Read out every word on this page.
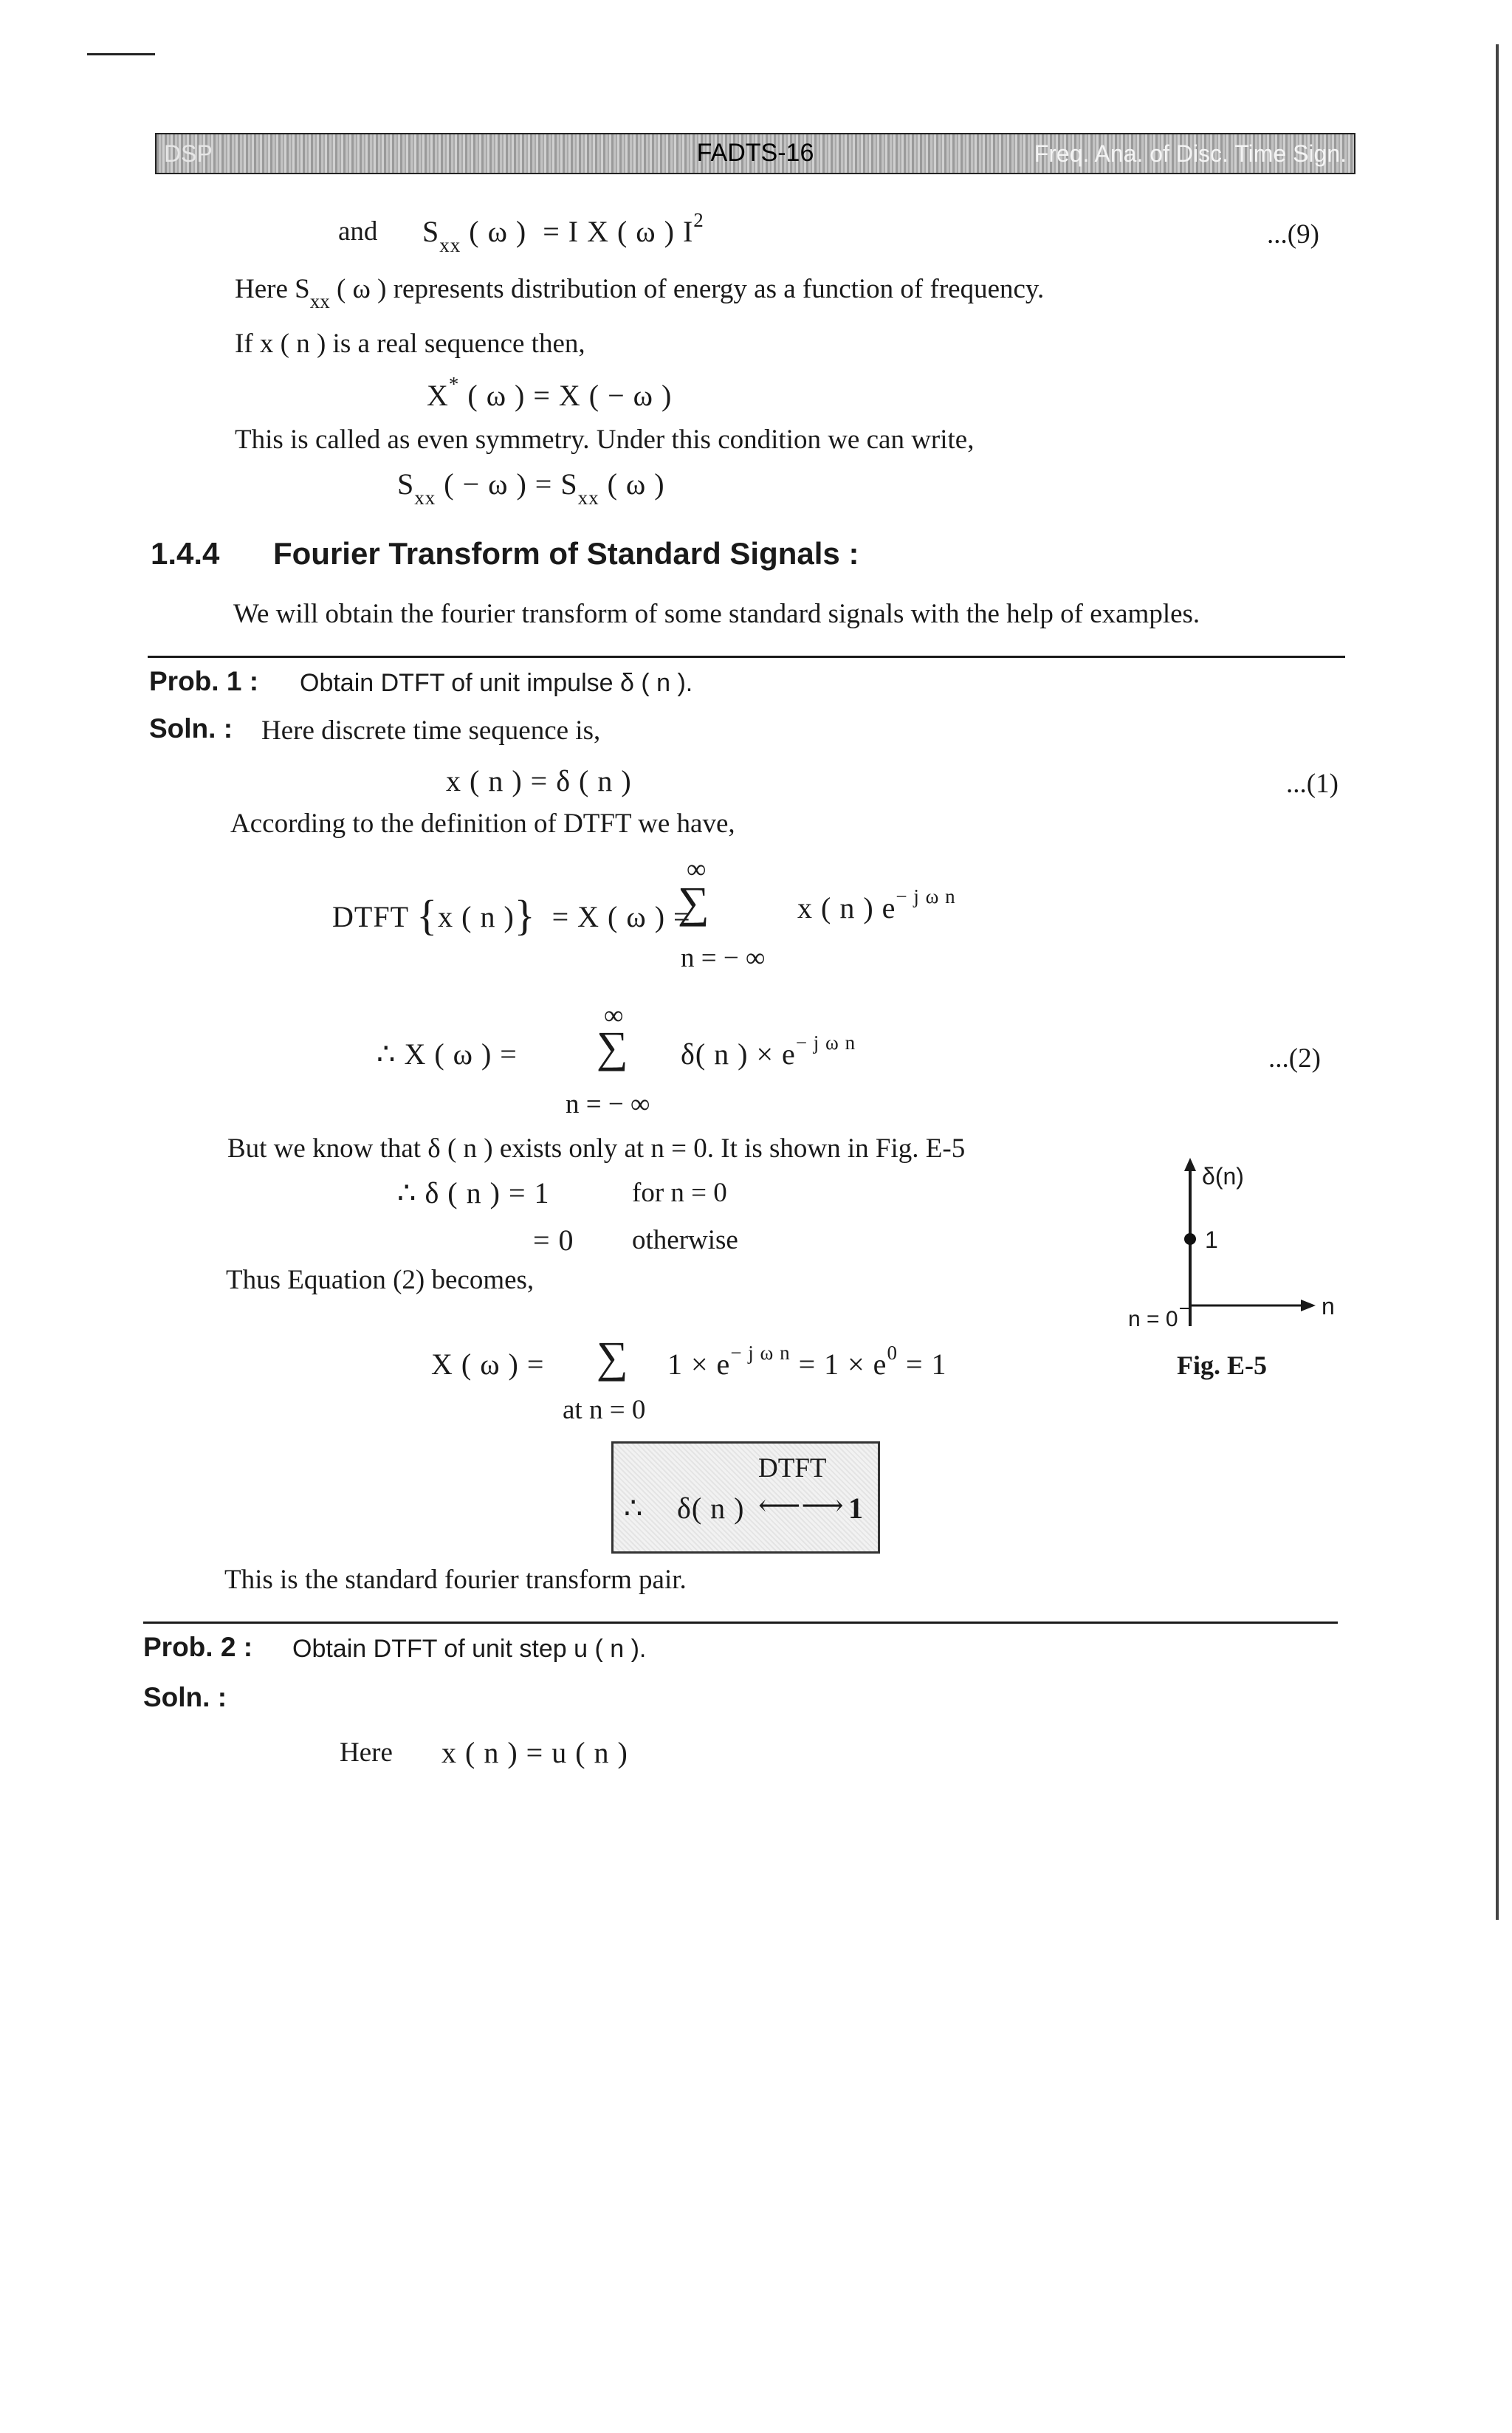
DSP	FADTS-16	Freq. Ana. of Disc. Time Sign.
and $S_{xx}$ ( ω ) = I X ( ω ) $I^2$	...(9)
Here $S_{xx}$ ( ω ) represents distribution of energy as a function of frequency.
If x ( n ) is a real sequence then,
X* ( ω ) = X ( − ω )
This is called as even symmetry. Under this condition we can write,
$S_{xx}$ ( − ω ) = $S_{xx}$ ( ω )
1.4.4 Fourier Transform of Standard Signals :
We will obtain the fourier transform of some standard signals with the help of examples.
Prob. 1 : Obtain DTFT of unit impulse δ ( n ).
Soln. : Here discrete time sequence is,
x ( n ) = δ ( n )	...(1)
According to the definition of DTFT we have,
DTFT {x ( n )} = X ( ω ) =
∞
∑
n = − ∞
x ( n ) $e^{- j \omega n}$
∞
∴ X ( ω ) = ∑ δ( n ) × $e^{- j \omega n}$
...(2)
n = − ∞
But we know that δ ( n ) exists only at n = 0. It is shown in Fig. E-5
∴ δ ( n ) = 1	for n = 0
= 0 otherwise
Thus Equation (2) becomes,
δ(n)
1
n = 0	n
Fig. E-5
X ( ω ) = ∑ $1 \times e^{- j \omega n} = 1 \times e^0 = 1$
at n = 0
DTFT
∴ δ( n ) ⟵⟶ 1
This is the standard fourier transform pair.
Prob. 2 : Obtain DTFT of unit step u ( n ).
Soln. :
Here x ( n ) = u ( n )
